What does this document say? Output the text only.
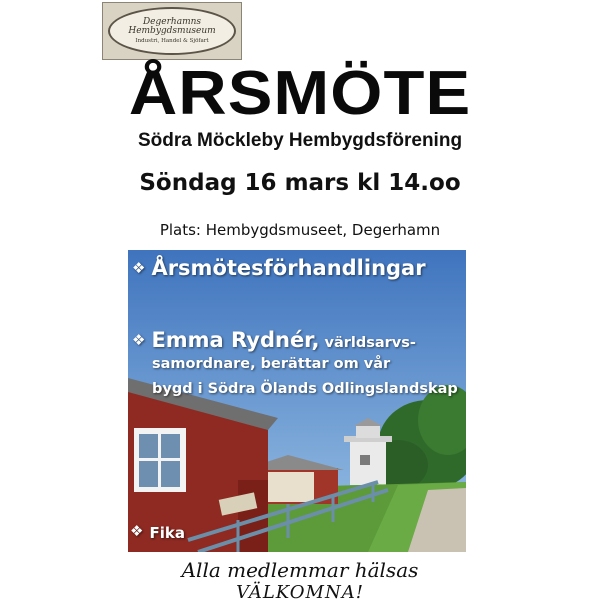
Degerhamns
Hembygdsmuseum
Industri, Handel & Sjöfart
ÅRSMÖTE
Södra Möckleby Hembygdsförening
Söndag 16 mars kl 14.oo
Plats: Hembygdsmuseet, Degerhamn
❖ Årsmötesförhandlingar
❖ Emma Rydnér, världsarvs-
samordnare, berättar om vår
bygd i Södra Ölands Odlingslandskap
❖ Fika
Alla medlemmar hälsas
VÄLKOMNA!
